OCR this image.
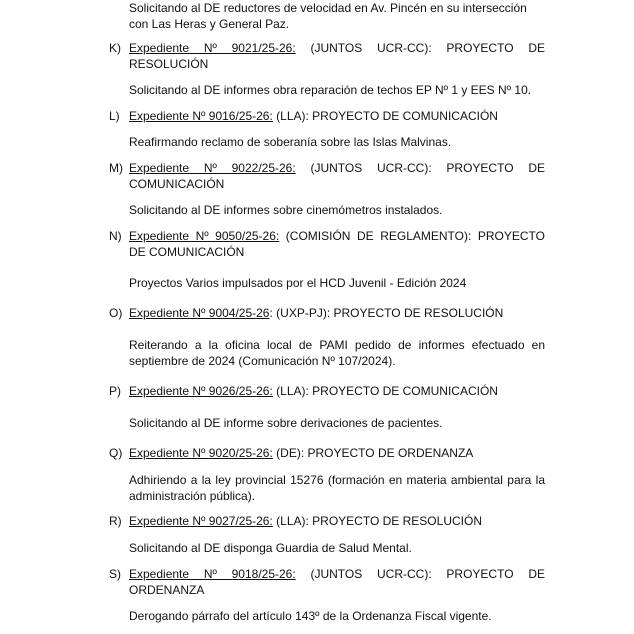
Solicitando al DE reductores de velocidad en Av. Pincén en su intersección con Las Heras y General Paz.

K) Expediente Nº 9021/25-26: (JUNTOS UCR-CC): PROYECTO DE RESOLUCIÓN
Solicitando al DE informes obra reparación de techos EP Nº 1 y EES Nº 10.
L) Expediente Nº 9016/25-26: (LLA): PROYECTO DE COMUNICACIÓN
Reafirmando reclamo de soberanía sobre las Islas Malvinas.
M) Expediente Nº 9022/25-26: (JUNTOS UCR-CC): PROYECTO DE COMUNICACIÓN
Solicitando al DE informes sobre cinemómetros instalados.
N) Expediente Nº 9050/25-26: (COMISIÓN DE REGLAMENTO): PROYECTO DE COMUNICACIÓN
Proyectos Varios impulsados por el HCD Juvenil - Edición 2024
O) Expediente Nº 9004/25-26: (UXP-PJ): PROYECTO DE RESOLUCIÓN
Reiterando a la oficina local de PAMI pedido de informes efectuado en septiembre de 2024 (Comunicación Nº 107/2024).
P) Expediente Nº 9026/25-26: (LLA): PROYECTO DE COMUNICACIÓN
Solicitando al DE informe sobre derivaciones de pacientes.
Q) Expediente Nº 9020/25-26: (DE): PROYECTO DE ORDENANZA
Adhiriendo a la ley provincial 15276 (formación en materia ambiental para la administración pública).
R) Expediente Nº 9027/25-26: (LLA): PROYECTO DE RESOLUCIÓN
Solicitando al DE disponga Guardia de Salud Mental.
S) Expediente Nº 9018/25-26: (JUNTOS UCR-CC): PROYECTO DE ORDENANZA
Derogando párrafo del artículo 143º de la Ordenanza Fiscal vigente.
